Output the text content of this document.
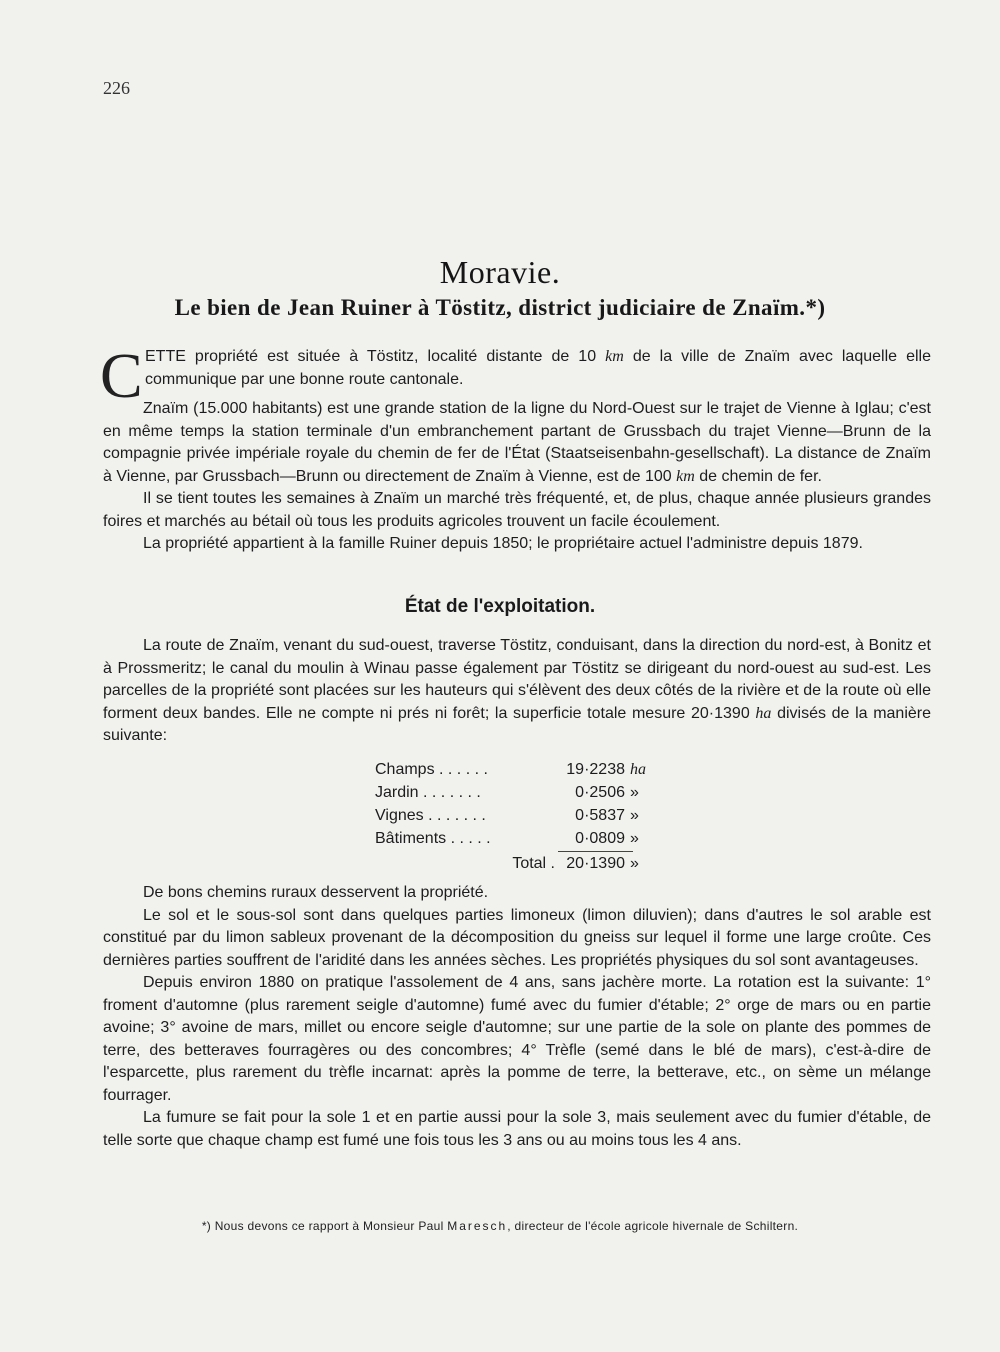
226
Moravie.
Le bien de Jean Ruiner à Töstitz, district judiciaire de Znaïm.*)
C ETTE propriété est située à Töstitz, localité distante de 10 km de la ville de Znaïm avec laquelle elle communique par une bonne route cantonale.

Znaïm (15.000 habitants) est une grande station de la ligne du Nord-Ouest sur le trajet de Vienne à Iglau; c'est en même temps la station terminale d'un embranchement partant de Grussbach du trajet Vienne—Brunn de la compagnie privée impériale royale du chemin de fer de l'État (Staatseisenbahn-gesellschaft). La distance de Znaïm à Vienne, par Grussbach—Brunn ou directement de Znaïm à Vienne, est de 100 km de chemin de fer.

Il se tient toutes les semaines à Znaïm un marché très fréquenté, et, de plus, chaque année plusieurs grandes foires et marchés au bétail où tous les produits agricoles trouvent un facile écoulement.

La propriété appartient à la famille Ruiner depuis 1850; le propriétaire actuel l'administre depuis 1879.

État de l'exploitation.

La route de Znaïm, venant du sud-ouest, traverse Töstitz, conduisant, dans la direction du nord-est, à Bonitz et à Prossmeritz; le canal du moulin à Winau passe également par Töstitz se dirigeant du nord-ouest au sud-est. Les parcelles de la propriété sont placées sur les hauteurs qui s'élèvent des deux côtés de la rivière et de la route où elle forment deux bandes. Elle ne compte ni prés ni forêt; la superficie totale mesure 20·1390 ha divisés de la manière suivante:

Champs . . . . . .	19·2238	ha
Jardin . . . . . . .	0·2506	»
Vignes . . . . . . .	0·5837	»
Bâtiments . . . . .	0·0809	»
Total .	20·1390	»

De bons chemins ruraux desservent la propriété.

Le sol et le sous-sol sont dans quelques parties limoneux (limon diluvien); dans d'autres le sol arable est constitué par du limon sableux provenant de la décomposition du gneiss sur lequel il forme une large croûte. Ces dernières parties souffrent de l'aridité dans les années sèches. Les propriétés physiques du sol sont avantageuses.

Depuis environ 1880 on pratique l'assolement de 4 ans, sans jachère morte. La rotation est la suivante: 1° froment d'automne (plus rarement seigle d'automne) fumé avec du fumier d'étable; 2° orge de mars ou en partie avoine; 3° avoine de mars, millet ou encore seigle d'automne; sur une partie de la sole on plante des pommes de terre, des betteraves fourragères ou des concombres; 4° Trèfle (semé dans le blé de mars), c'est-à-dire de l'esparcette, plus rarement du trèfle incarnat: après la pomme de terre, la betterave, etc., on sème un mélange fourrager.

La fumure se fait pour la sole 1 et en partie aussi pour la sole 3, mais seulement avec du fumier d'étable, de telle sorte que chaque champ est fumé une fois tous les 3 ans ou au moins tous les 4 ans.

*) Nous devons ce rapport à Monsieur Paul Maresch, directeur de l'école agricole hivernale de Schiltern.
